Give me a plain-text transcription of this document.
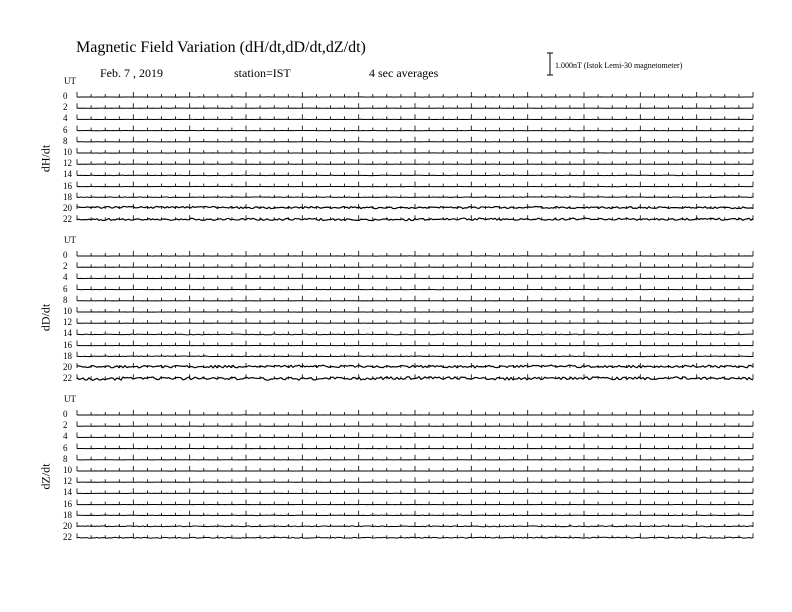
Magnetic Field Variation (dH/dt,dD/dt,dZ/dt)
Feb. 7 , 2019	station=IST	4 sec averages
1.000nT (Istok Lemi-30 magnetometer)
UT
dH/dt
0
2
4
6
8
10
12
14
16
18
20
22
UT
dD/dt
0
2
4
6
8
10
12
14
16
18
20
22
UT
dZ/dt
0
2
4
6
8
10
12
14
16
18
20
22
